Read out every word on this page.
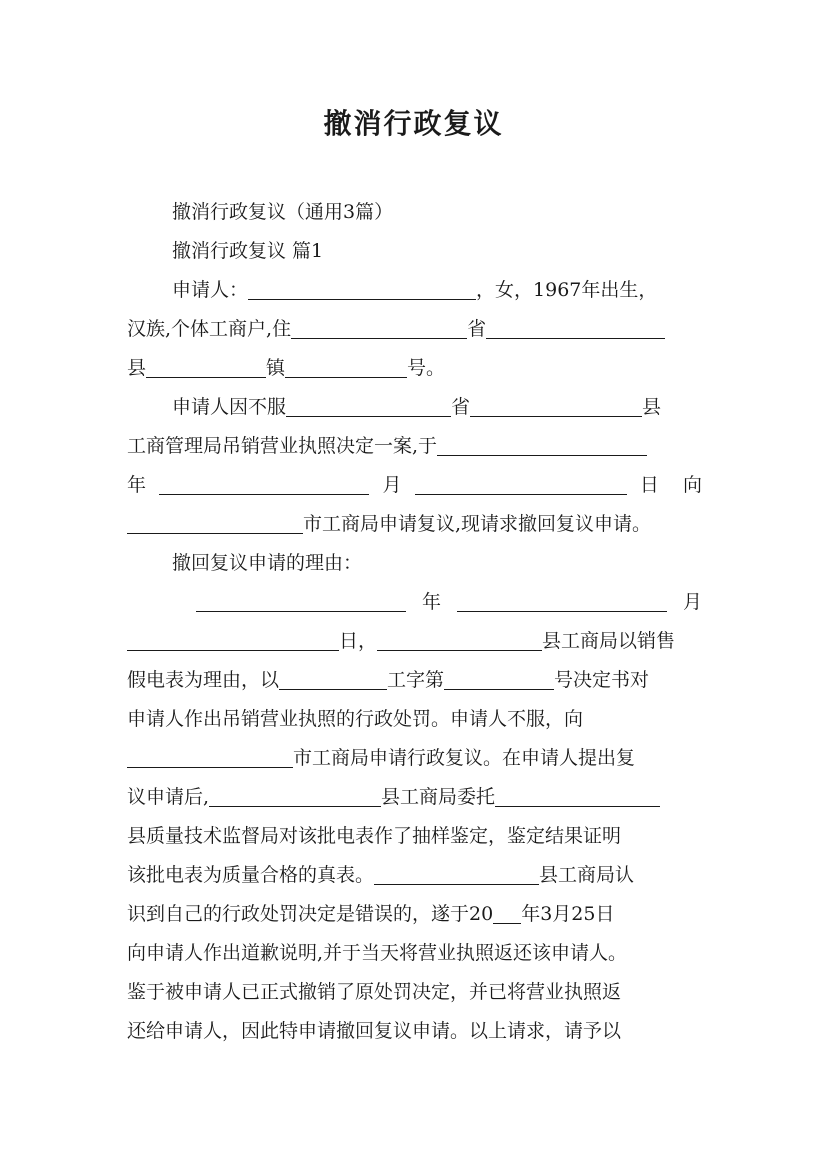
撤消行政复议
撤消行政复议（通用3篇）
撤消行政复议 篇1
申请人：	，女，1967年出生，
汉族,个体工商户,住	省
县	镇	号。
申请人因不服	省	县
工商管理局吊销营业执照决定一案,于
年	月	日 向
市工商局申请复议,现请求撤回复议申请。
撤回复议申请的理由：
年	月
日，	县工商局以销售
假电表为理由，以	工字第	号决定书对
申请人作出吊销营业执照的行政处罚。申请人不服，向
市工商局申请行政复议。在申请人提出复
议申请后,	县工商局委托
县质量技术监督局对该批电表作了抽样鉴定，鉴定结果证明
该批电表为质量合格的真表。	县工商局认
识到自己的行政处罚决定是错误的，遂于20 年3月25日
向申请人作出道歉说明,并于当天将营业执照返还该申请人。
鉴于被申请人已正式撤销了原处罚决定，并已将营业执照返
还给申请人，因此特申请撤回复议申请。以上请求，请予以
